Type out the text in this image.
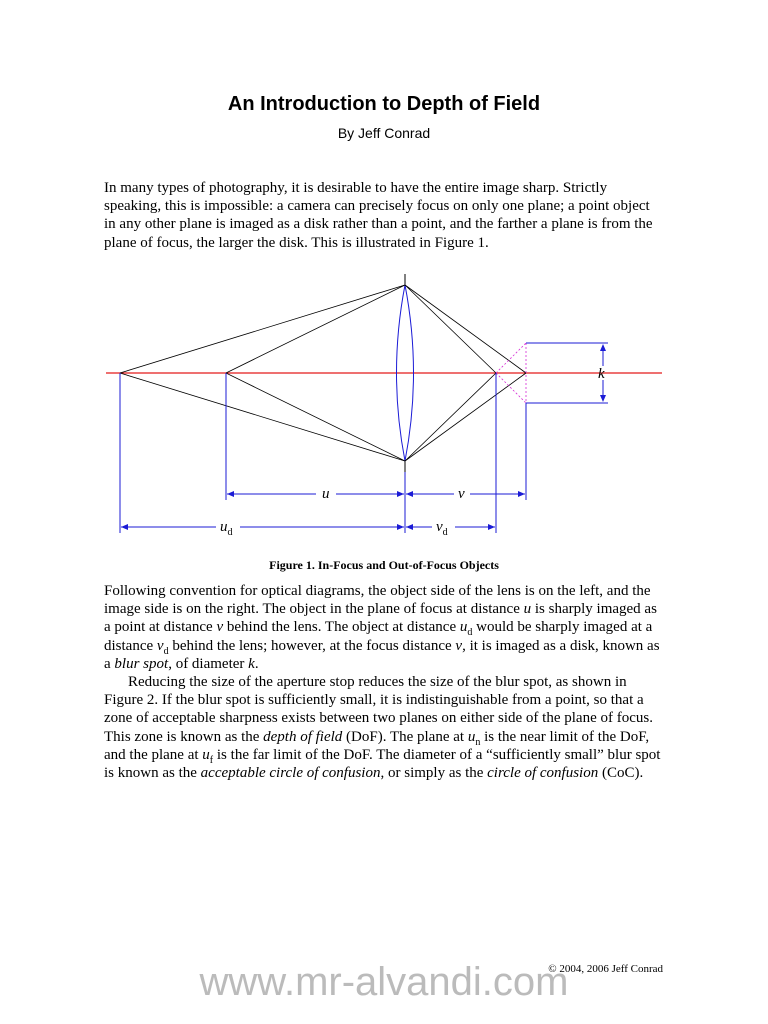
An Introduction to Depth of Field
By Jeff Conrad
In many types of photography, it is desirable to have the entire image sharp. Strictly
speaking, this is impossible: a camera can precisely focus on only one plane; a point object
in any other plane is imaged as a disk rather than a point, and the farther a plane is from the
plane of focus, the larger the disk. This is illustrated in Figure 1.
k
u	v
$u_d$	$v_d$
Figure 1. In-Focus and Out-of-Focus Objects
Following convention for optical diagrams, the object side of the lens is on the left, and the
image side is on the right. The object in the plane of focus at distance u is sharply imaged as
a point at distance v behind the lens. The object at distance $u_d$ would be sharply imaged at a
distance $v_d$ behind the lens; however, at the focus distance v, it is imaged as a disk, known as
a blur spot, of diameter k.
Reducing the size of the aperture stop reduces the size of the blur spot, as shown in
Figure 2. If the blur spot is sufficiently small, it is indistinguishable from a point, so that a
zone of acceptable sharpness exists between two planes on either side of the plane of focus.
This zone is known as the depth of field (DoF). The plane at $u_n$ is the near limit of the DoF,
and the plane at $u_f$ is the far limit of the DoF. The diameter of a “sufficiently small” blur spot
is known as the acceptable circle of confusion, or simply as the circle of confusion (CoC).
www.mr-alvandi.com
© 2004, 2006 Jeff Conrad
